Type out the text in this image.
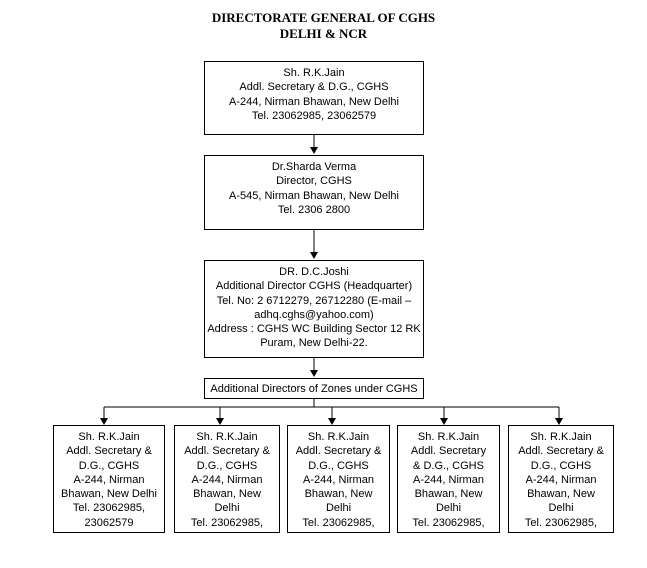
DIRECTORATE GENERAL OF CGHS
DELHI & NCR
Sh. R.K.Jain
Addl. Secretary & D.G., CGHS
A-244, Nirman Bhawan, New Delhi
Tel. 23062985, 23062579
Dr.Sharda Verma
Director, CGHS
A-545, Nirman Bhawan, New Delhi
Tel. 2306 2800
DR. D.C.Joshi
Additional Director CGHS (Headquarter)
Tel. No: 2 6712279, 26712280 (E-mail –
adhq.cghs@yahoo.com)
Address : CGHS WC Building Sector 12 RK
Puram, New Delhi-22.
Additional Directors of Zones under CGHS
Sh. R.K.Jain
Addl. Secretary &
D.G., CGHS
A-244, Nirman
Bhawan, New Delhi
Tel. 23062985,
23062579
Sh. R.K.Jain
Addl. Secretary &
D.G., CGHS
A-244, Nirman
Bhawan, New
Delhi
Tel. 23062985,
Sh. R.K.Jain
Addl. Secretary &
D.G., CGHS
A-244, Nirman
Bhawan, New
Delhi
Tel. 23062985,
Sh. R.K.Jain
Addl. Secretary
& D.G., CGHS
A-244, Nirman
Bhawan, New
Delhi
Tel. 23062985,
Sh. R.K.Jain
Addl. Secretary &
D.G., CGHS
A-244, Nirman
Bhawan, New
Delhi
Tel. 23062985,
